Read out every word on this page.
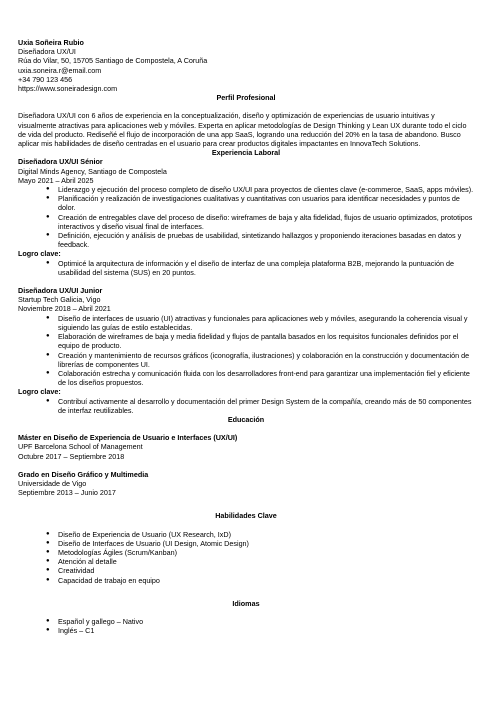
Uxia Soñeira Rubio

Diseñadora UX/UI

Rúa do Vilar, 50, 15705 Santiago de Compostela, A Coruña

uxia.soneira.r@email.com

+34 790 123 456

https://www.soneiradesign.com

Perfil Profesional

Diseñadora UX/UI con 6 años de experiencia en la conceptualización, diseño y optimización de experiencias de usuario intuitivas y visualmente atractivas para aplicaciones web y móviles. Experta en aplicar metodologías de Design Thinking y Lean UX durante todo el ciclo de vida del producto. Rediseñé el flujo de incorporación de una app SaaS, logrando una reducción del 20% en la tasa de abandono. Busco aplicar mis habilidades de diseño centradas en el usuario para crear productos digitales impactantes en InnovaTech Solutions.

Experiencia Laboral

Diseñadora UX/UI Sénior

Digital Minds Agency, Santiago de Compostela

Mayo 2021 – Abril 2025

● Liderazgo y ejecución del proceso completo de diseño UX/UI para proyectos de clientes clave (e-commerce, SaaS, apps móviles).
● Planificación y realización de investigaciones cualitativas y cuantitativas con usuarios para identificar necesidades y puntos de dolor.
● Creación de entregables clave del proceso de diseño: wireframes de baja y alta fidelidad, flujos de usuario optimizados, prototipos interactivos y diseño visual final de interfaces.
● Definición, ejecución y análisis de pruebas de usabilidad, sintetizando hallazgos y proponiendo iteraciones basadas en datos y feedback.

Logro clave:

● Optimicé la arquitectura de información y el diseño de interfaz de una compleja plataforma B2B, mejorando la puntuación de usabilidad del sistema (SUS) en 20 puntos.

Diseñadora UX/UI Junior

Startup Tech Galicia, Vigo

Noviembre 2018 – Abril 2021

● Diseño de interfaces de usuario (UI) atractivas y funcionales para aplicaciones web y móviles, asegurando la coherencia visual y siguiendo las guías de estilo establecidas.
● Elaboración de wireframes de baja y media fidelidad y flujos de pantalla basados en los requisitos funcionales definidos por el equipo de producto.
● Creación y mantenimiento de recursos gráficos (iconografía, ilustraciones) y colaboración en la construcción y documentación de librerías de componentes UI.
● Colaboración estrecha y comunicación fluida con los desarrolladores front-end para garantizar una implementación fiel y eficiente de los diseños propuestos.

Logro clave:

● Contribuí activamente al desarrollo y documentación del primer Design System de la compañía, creando más de 50 componentes de interfaz reutilizables.

Educación

Máster en Diseño de Experiencia de Usuario e Interfaces (UX/UI)

UPF Barcelona School of Management

Octubre 2017 – Septiembre 2018

Grado en Diseño Gráfico y Multimedia

Universidade de Vigo

Septiembre 2013 – Junio 2017

Habilidades Clave

● Diseño de Experiencia de Usuario (UX Research, IxD)
● Diseño de Interfaces de Usuario (UI Design, Atomic Design)
● Metodologías Ágiles (Scrum/Kanban)
● Atención al detalle
● Creatividad
● Capacidad de trabajo en equipo

Idiomas

● Español y gallego – Nativo
● Inglés – C1
